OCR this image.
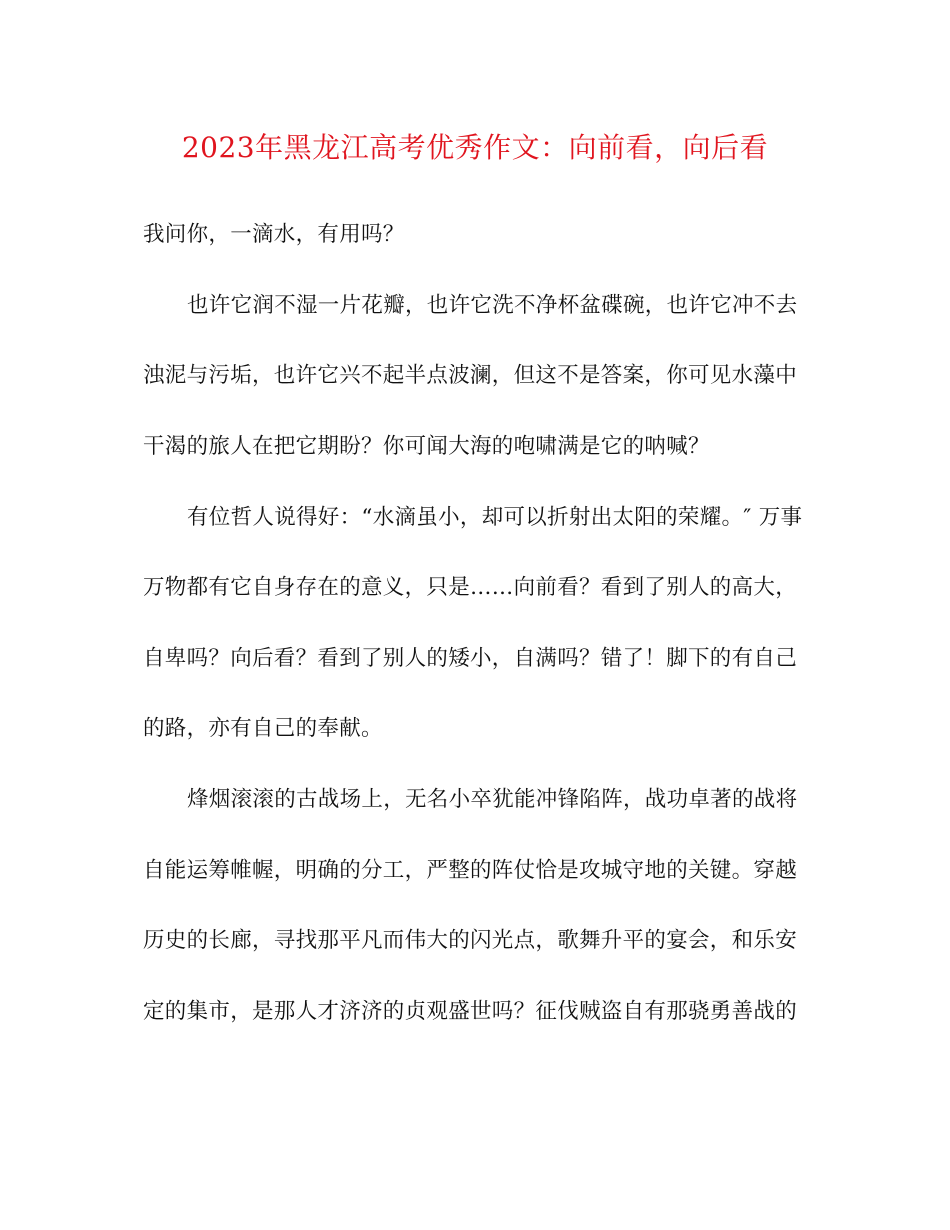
2023年黑龙江高考优秀作文：向前看，向后看
我问你，一滴水，有用吗？
也许它润不湿一片花瓣，也许它洗不净杯盆碟碗，也许它冲不去
浊泥与污垢，也许它兴不起半点波澜，但这不是答案，你可见水藻中
干渴的旅人在把它期盼？你可闻大海的咆啸满是它的呐喊？
有位哲人说得好：“水滴虽小，却可以折射出太阳的荣耀。″ 万事
万物都有它自身存在的意义，只是……向前看？看到了别人的高大，
自卑吗？向后看？看到了别人的矮小，自满吗？错了！脚下的有自己
的路，亦有自己的奉献。
烽烟滚滚的古战场上，无名小卒犹能冲锋陷阵，战功卓著的战将
自能运筹帷幄，明确的分工，严整的阵仗恰是攻城守地的关键。穿越
历史的长廊，寻找那平凡而伟大的闪光点，歌舞升平的宴会，和乐安
定的集市，是那人才济济的贞观盛世吗？征伐贼盗自有那骁勇善战的
